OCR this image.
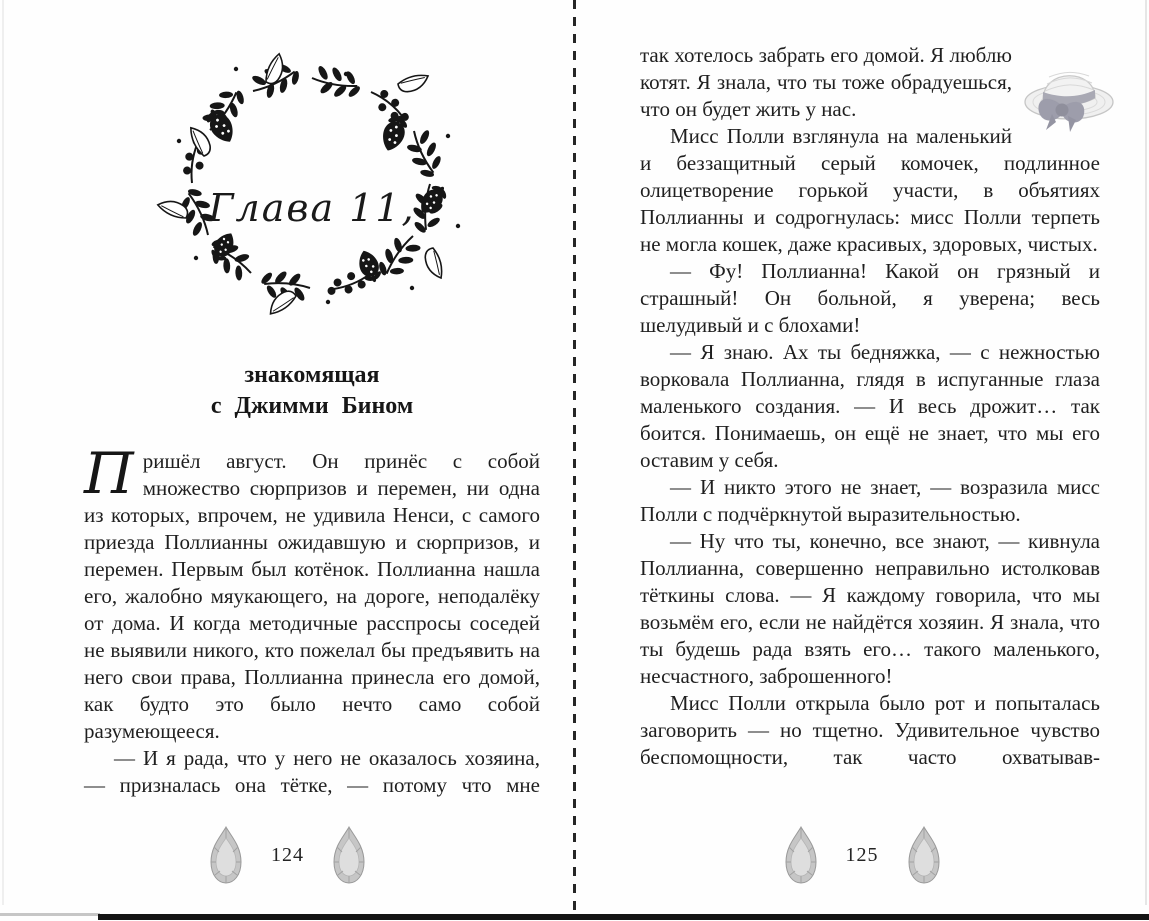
Глава 11,
знакомящая
с Джимми Бином

Пришёл август. Он принёс с собой множество сюрпризов и перемен, ни одна из которых, впрочем, не удивила Ненси, с самого приезда Поллианны ожидавшую и сюрпризов, и перемен. Первым был котёнок. Поллианна нашла его, жалобно мяукающего, на дороге, неподалёку от дома. И когда методичные расспросы соседей не выявили никого, кто пожелал бы предъявить на него свои права, Поллианна принесла его домой, как будто это было нечто само собой разумеющееся.

— И я рада, что у него не оказалось хозяина, — призналась она тётке, — потому что мне

124

так хотелось забрать его домой. Я люблю котят. Я знала, что ты тоже обрадуешься, что он будет жить у нас.

Мисс Полли взглянула на маленький и беззащитный серый комочек, подлинное олицетворение горькой участи, в объятиях Поллианны и содрогнулась: мисс Полли терпеть не могла кошек, даже красивых, здоровых, чистых.

— Фу! Поллианна! Какой он грязный и страшный! Он больной, я уверена; весь шелудивый и с блохами!

— Я знаю. Ах ты бедняжка, — с нежностью ворковала Поллианна, глядя в испуганные глаза маленького создания. — И весь дрожит… так боится. Понимаешь, он ещё не знает, что мы его оставим у себя.

— И никто этого не знает, — возразила мисс Полли с подчёркнутой выразительностью.

— Ну что ты, конечно, все знают, — кивнула Поллианна, совершенно неправильно истолковав тёткины слова. — Я каждому говорила, что мы возьмём его, если не найдётся хозяин. Я знала, что ты будешь рада взять его… такого маленького, несчастного, заброшенного!

Мисс Полли открыла было рот и попыталась заговорить — но тщетно. Удивительное чувство беспомощности, так часто охватывав-

125
